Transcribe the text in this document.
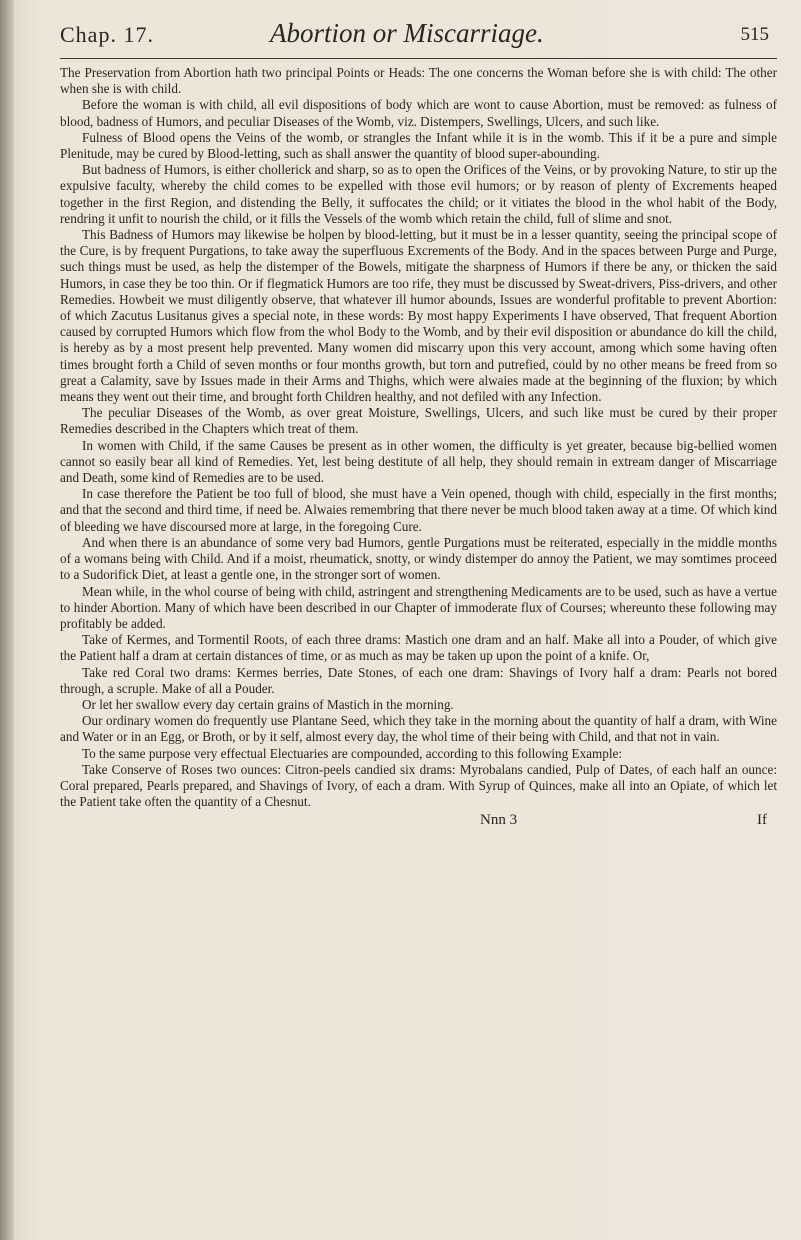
Chap. 17.	Abortion or Miscarriage.	515

The Preservation from Abortion hath two principal Points or Heads: The one concerns the Woman before she is with child: The other when she is with child.

Before the woman is with child, all evil dispositions of body which are wont to cause Abortion, must be removed: as fulness of blood, badness of Humors, and peculiar Diseases of the Womb, viz. Distempers, Swellings, Ulcers, and such like.

Fulness of Blood opens the Veins of the womb, or strangles the Infant while it is in the womb. This if it be a pure and simple Plenitude, may be cured by Blood-letting, such as shall answer the quantity of blood super-abounding.

But badness of Humors, is either chollerick and sharp, so as to open the Orifices of the Veins, or by provoking Nature, to stir up the expulsive faculty, whereby the child comes to be expelled with those evil humors; or by reason of plenty of Excrements heaped together in the first Region, and distending the Belly, it suffocates the child; or it vitiates the blood in the whol habit of the Body, rendring it unfit to nourish the child, or it fills the Vessels of the womb which retain the child, full of slime and snot.

This Badness of Humors may likewise be holpen by blood-letting, but it must be in a lesser quantity, seeing the principal scope of the Cure, is by frequent Purgations, to take away the superfluous Excrements of the Body. And in the spaces between Purge and Purge, such things must be used, as help the distemper of the Bowels, mitigate the sharpness of Humors if there be any, or thicken the said Humors, in case they be too thin. Or if flegmatick Humors are too rife, they must be discussed by Sweat-drivers, Piss-drivers, and other Remedies. Howbeit we must diligently observe, that whatever ill humor abounds, Issues are wonderful profitable to prevent Abortion: of which Zacutus Lusitanus gives a special note, in these words: By most happy Experiments I have observed, That frequent Abortion caused by corrupted Humors which flow from the whol Body to the Womb, and by their evil disposition or abundance do kill the child, is hereby as by a most present help prevented. Many women did miscarry upon this very account, among which some having often times brought forth a Child of seven months or four months growth, but torn and putrefied, could by no other means be freed from so great a Calamity, save by Issues made in their Arms and Thighs, which were alwaies made at the beginning of the fluxion; by which means they went out their time, and brought forth Children healthy, and not defiled with any Infection.

The peculiar Diseases of the Womb, as over great Moisture, Swellings, Ulcers, and such like must be cured by their proper Remedies described in the Chapters which treat of them.

In women with Child, if the same Causes be present as in other women, the difficulty is yet greater, because big-bellied women cannot so easily bear all kind of Remedies. Yet, lest being destitute of all help, they should remain in extream danger of Miscarriage and Death, some kind of Remedies are to be used.

In case therefore the Patient be too full of blood, she must have a Vein opened, though with child, especially in the first months; and that the second and third time, if need be. Alwaies remembring that there never be much blood taken away at a time. Of which kind of bleeding we have discoursed more at large, in the foregoing Cure.

And when there is an abundance of some very bad Humors, gentle Purgations must be reiterated, especially in the middle months of a womans being with Child. And if a moist, rheumatick, snotty, or windy distemper do annoy the Patient, we may somtimes proceed to a Sudorifick Diet, at least a gentle one, in the stronger sort of women.

Mean while, in the whol course of being with child, astringent and strengthening Medicaments are to be used, such as have a vertue to hinder Abortion. Many of which have been described in our Chapter of immoderate flux of Courses; whereunto these following may profitably be added.

Take of Kermes, and Tormentil Roots, of each three drams: Mastich one dram and an half. Make all into a Pouder, of which give the Patient half a dram at certain distances of time, or as much as may be taken up upon the point of a knife. Or,

Take red Coral two drams: Kermes berries, Date Stones, of each one dram: Shavings of Ivory half a dram: Pearls not bored through, a scruple. Make of all a Pouder.

Or let her swallow every day certain grains of Mastich in the morning.

Our ordinary women do frequently use Plantane Seed, which they take in the morning about the quantity of half a dram, with Wine and Water or in an Egg, or Broth, or by it self, almost every day, the whol time of their being with Child, and that not in vain.

To the same purpose very effectual Electuaries are compounded, according to this following Example:

Take Conserve of Roses two ounces: Citron-peels candied six drams: Myrobalans candied, Pulp of Dates, of each half an ounce: Coral prepared, Pearls prepared, and Shavings of Ivory, of each a dram. With Syrup of Quinces, make all into an Opiate, of which let the Patient take often the quantity of a Chesnut.

Nnn 3	If
